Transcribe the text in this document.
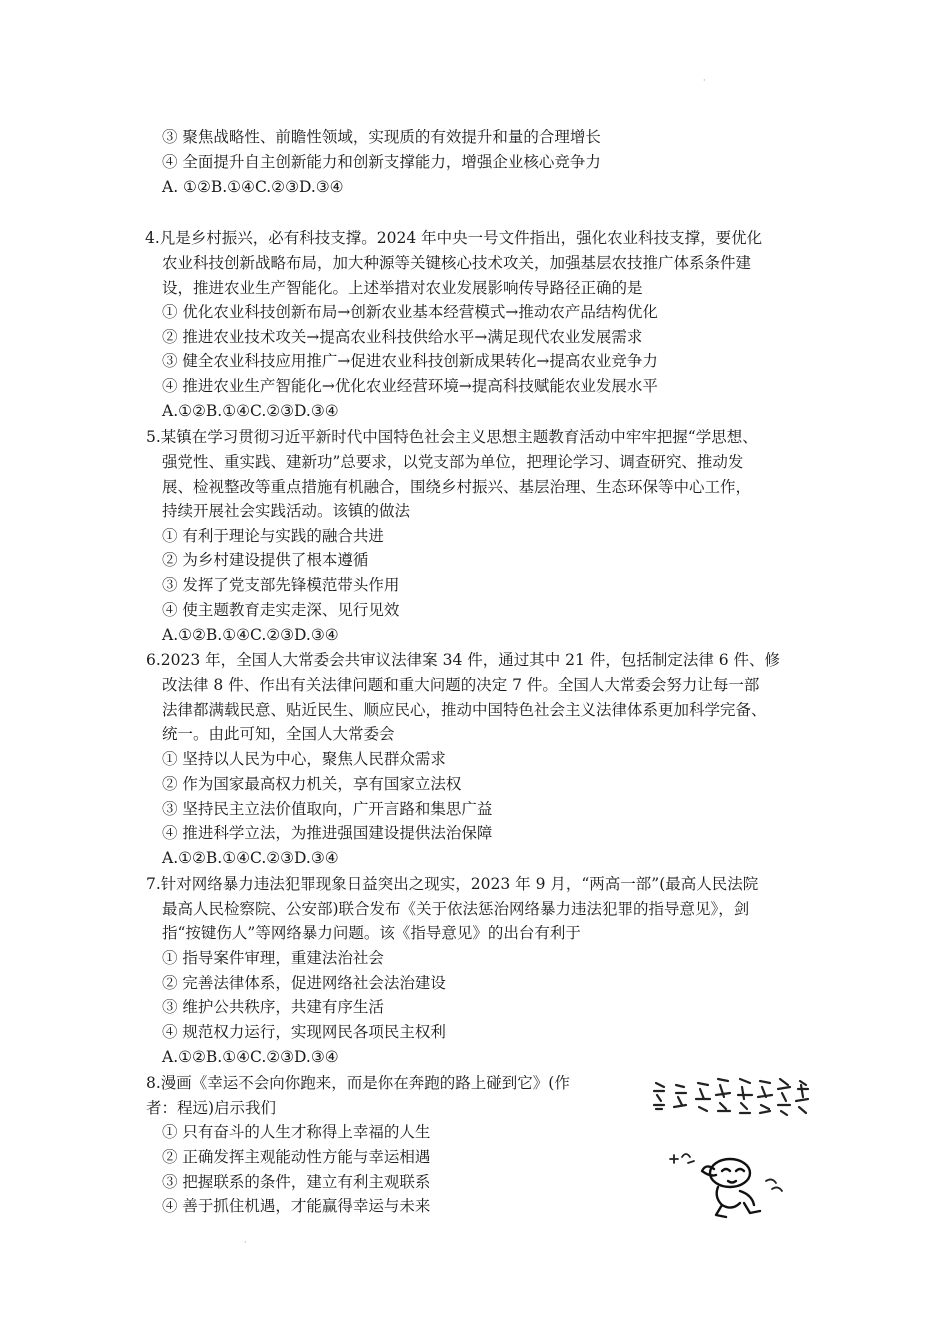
③ 聚焦战略性、前瞻性领域，实现质的有效提升和量的合理增长
④ 全面提升自主创新能力和创新支撑能力，增强企业核心竞争力
A. ①②B.①④C.②③D.③④
4.凡是乡村振兴，必有科技支撑。2024 年中央一号文件指出，强化农业科技支撑，要优化
农业科技创新战略布局，加大种源等关键核心技术攻关，加强基层农技推广体系条件建
设，推进农业生产智能化。上述举措对农业发展影响传导路径正确的是
① 优化农业科技创新布局→创新农业基本经营模式→推动农产品结构优化
② 推进农业技术攻关→提高农业科技供给水平→满足现代农业发展需求
③ 健全农业科技应用推广→促进农业科技创新成果转化→提高农业竞争力
④ 推进农业生产智能化→优化农业经营环境→提高科技赋能农业发展水平
A.①②B.①④C.②③D.③④
5.某镇在学习贯彻习近平新时代中国特色社会主义思想主题教育活动中牢牢把握“学思想、
强党性、重实践、建新功”总要求，以党支部为单位，把理论学习、调查研究、推动发
展、检视整改等重点措施有机融合，围绕乡村振兴、基层治理、生态环保等中心工作，
持续开展社会实践活动。该镇的做法
① 有利于理论与实践的融合共进
② 为乡村建设提供了根本遵循
③ 发挥了党支部先锋模范带头作用
④ 使主题教育走实走深、见行见效
A.①②B.①④C.②③D.③④
6.2023 年，全国人大常委会共审议法律案 34 件，通过其中 21 件，包括制定法律 6 件、修
改法律 8 件、作出有关法律问题和重大问题的决定 7 件。全国人大常委会努力让每一部
法律都满载民意、贴近民生、顺应民心，推动中国特色社会主义法律体系更加科学完备、
统一。由此可知，全国人大常委会
① 坚持以人民为中心，聚焦人民群众需求
② 作为国家最高权力机关，享有国家立法权
③ 坚持民主立法价值取向，广开言路和集思广益
④ 推进科学立法，为推进强国建设提供法治保障
A.①②B.①④C.②③D.③④
7.针对网络暴力违法犯罪现象日益突出之现实，2023 年 9 月，“两高一部”(最高人民法院
最高人民检察院、公安部)联合发布《关于依法惩治网络暴力违法犯罪的指导意见》，剑
指“按键伤人”等网络暴力问题。该《指导意见》的出台有利于
① 指导案件审理，重建法治社会
② 完善法律体系，促进网络社会法治建设
③ 维护公共秩序，共建有序生活
④ 规范权力运行，实现网民各项民主权利
A.①②B.①④C.②③D.③④
8.漫画《幸运不会向你跑来，而是你在奔跑的路上碰到它》(作
者：程远)启示我们
① 只有奋斗的人生才称得上幸福的人生
② 正确发挥主观能动性方能与幸运相遇
③ 把握联系的条件，建立有利主观联系
④ 善于抓住机遇，才能赢得幸运与未来
·
·
